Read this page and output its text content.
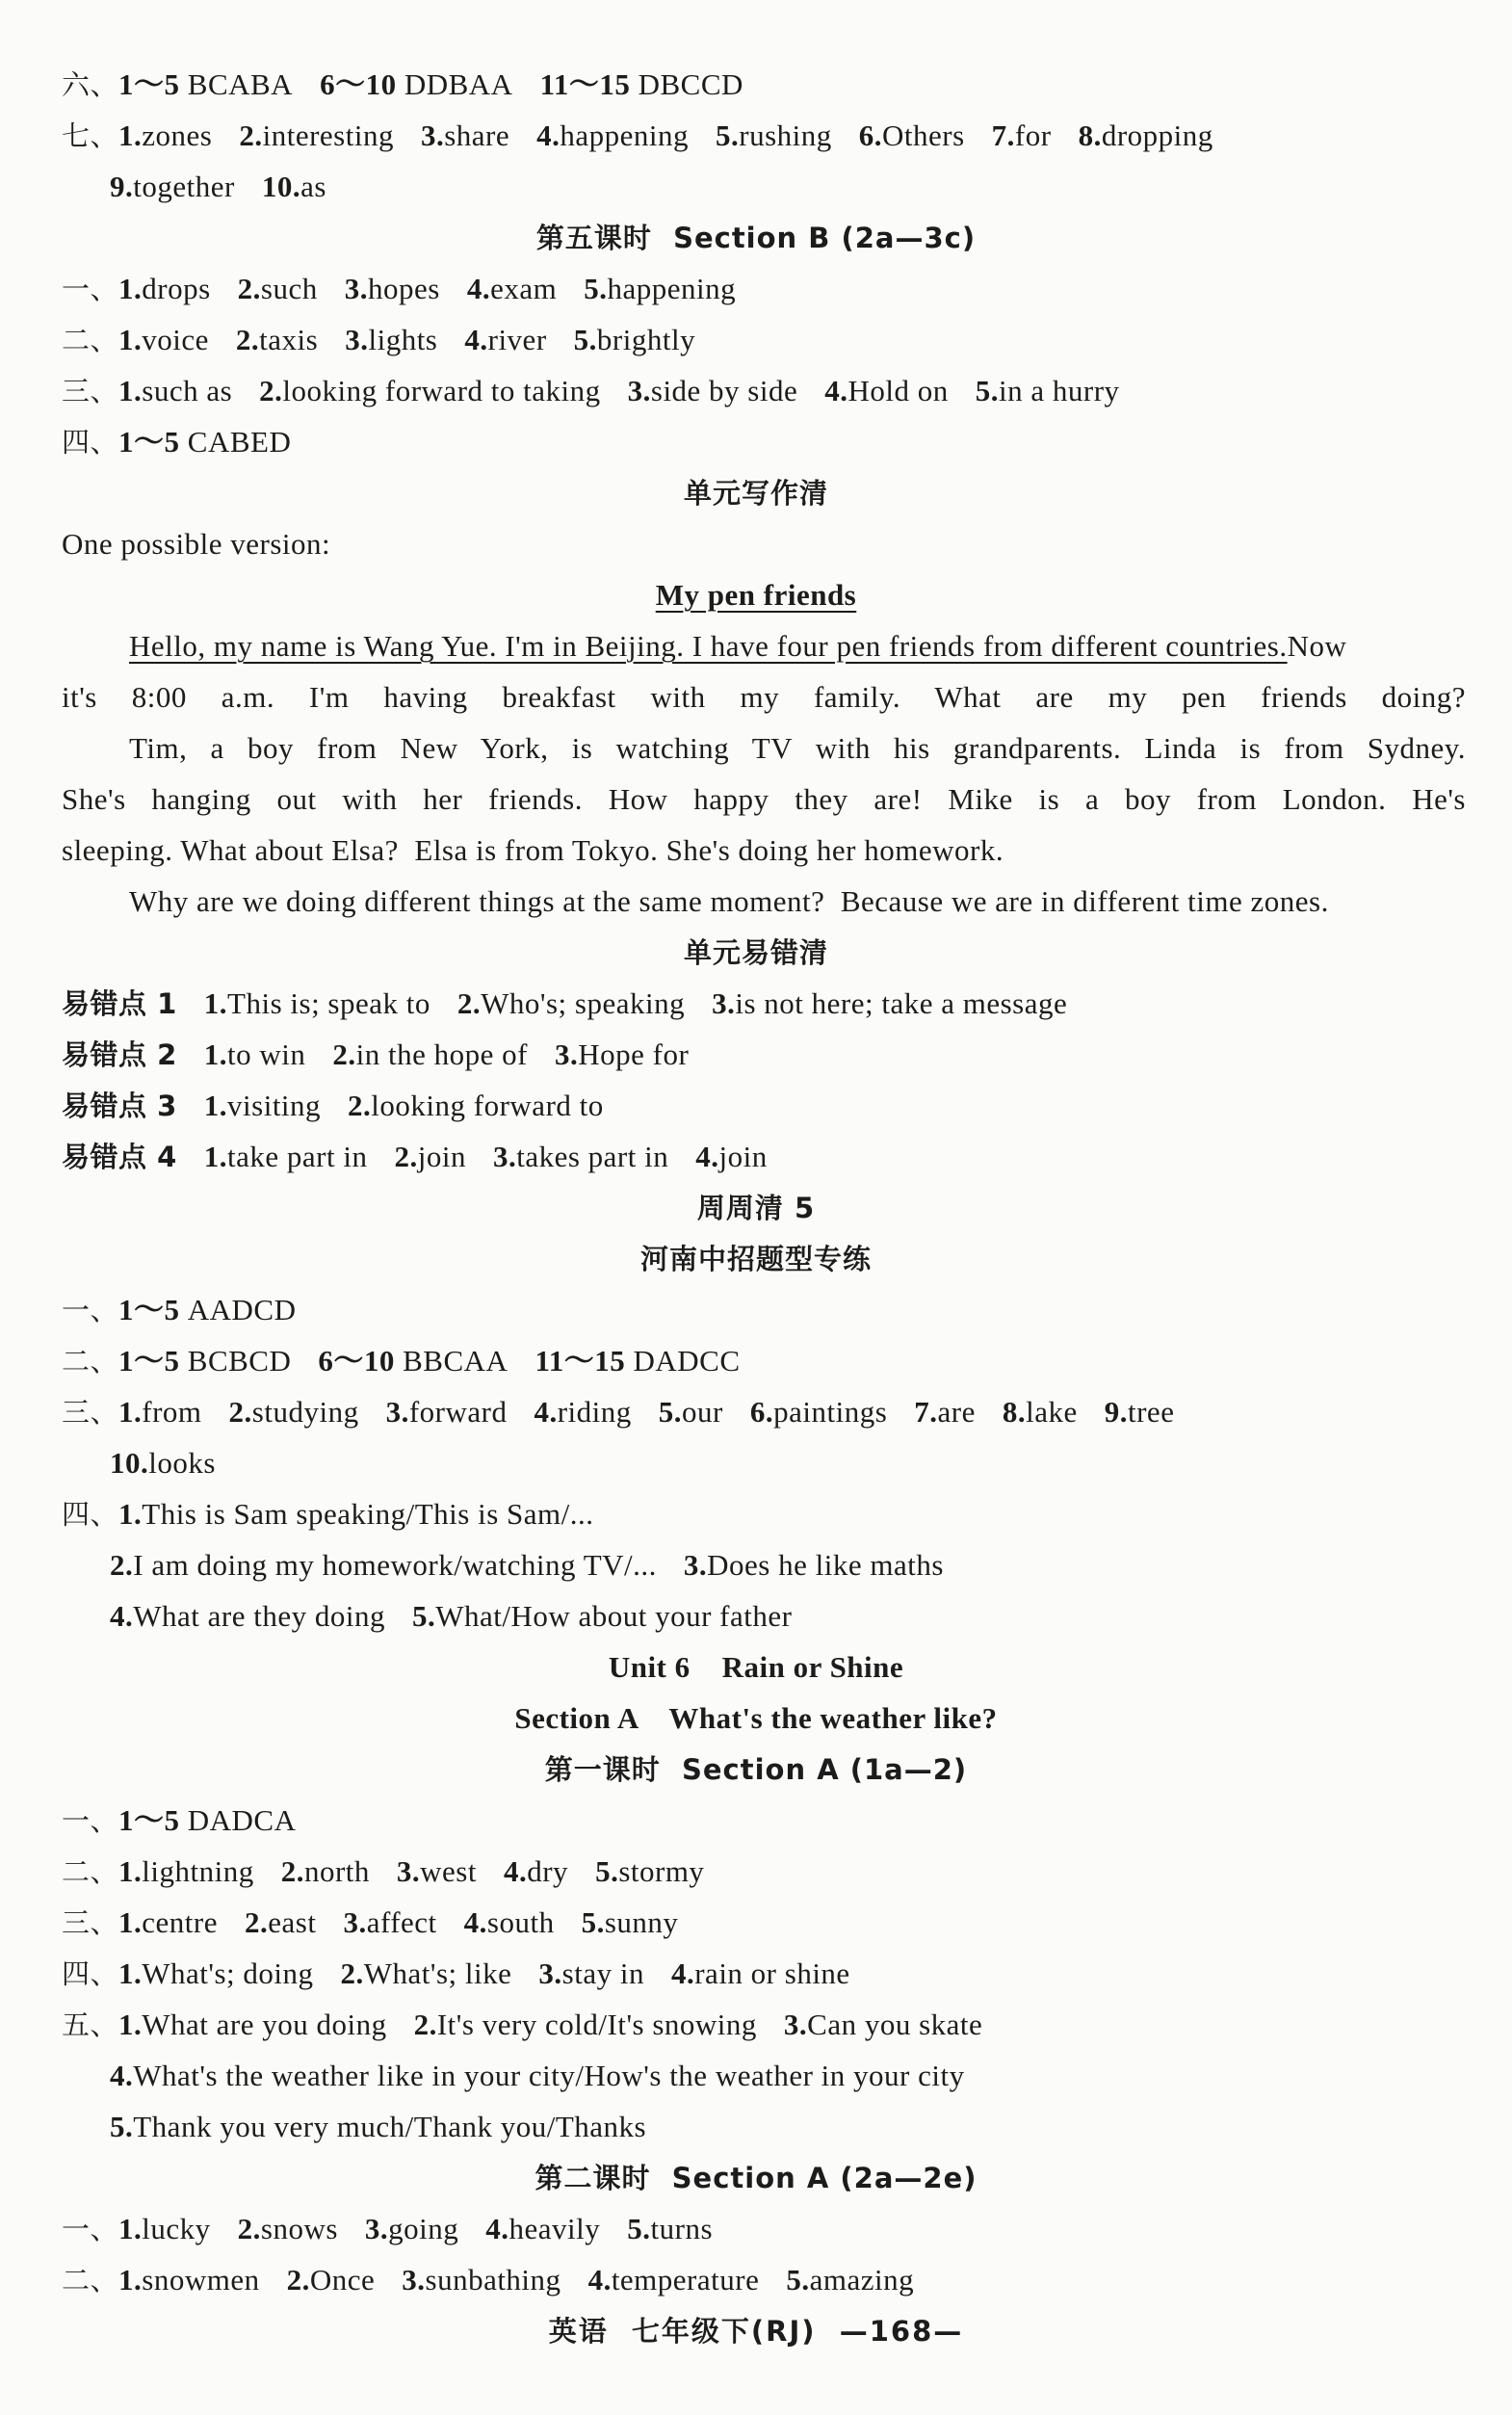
六、1～5 BCABA 6～10 DDBAA 11～15 DBCCD
七、1.zones 2.interesting 3.share 4.happening 5.rushing 6.Others 7.for 8.dropping
9.together 10.as
第五课时  Section B (2a—3c)
一、1.drops 2.such 3.hopes 4.exam 5.happening
二、1.voice 2.taxis 3.lights 4.river 5.brightly
三、1.such as 2.looking forward to taking 3.side by side 4.Hold on 5.in a hurry
四、1～5 CABED
单元写作清
One possible version:
My pen friends
Hello, my name is Wang Yue. I'm in Beijing. I have four pen friends from different countries.Now
it's 8:00 a.m. I'm having breakfast with my family. What are my pen friends doing?
Tim, a boy from New York, is watching TV with his grandparents. Linda is from Sydney.
She's hanging out with her friends. How happy they are! Mike is a boy from London. He's
sleeping. What about Elsa?  Elsa is from Tokyo. She's doing her homework.
Why are we doing different things at the same moment?  Because we are in different time zones.
单元易错清
易错点 1 1.This is; speak to 2.Who's; speaking 3.is not here; take a message
易错点 2 1.to win 2.in the hope of 3.Hope for
易错点 3 1.visiting 2.looking forward to
易错点 4 1.take part in 2.join 3.takes part in 4.join
周周清 5
河南中招题型专练
一、1～5 AADCD
二、1～5 BCBCD 6～10 BBCAA 11～15 DADCC
三、1.from 2.studying 3.forward 4.riding 5.our 6.paintings 7.are 8.lake 9.tree
10.looks
四、1.This is Sam speaking/This is Sam/...
2.I am doing my homework/watching TV/... 3.Does he like maths
4.What are they doing 5.What/How about your father
Unit 6    Rain or Shine
Section A    What's the weather like?
第一课时  Section A (1a—2)
一、1～5 DADCA
二、1.lightning 2.north 3.west 4.dry 5.stormy
三、1.centre 2.east 3.affect 4.south 5.sunny
四、1.What's; doing 2.What's; like 3.stay in 4.rain or shine
五、1.What are you doing 2.It's very cold/It's snowing 3.Can you skate
4.What's the weather like in your city/How's the weather in your city
5.Thank you very much/Thank you/Thanks
第二课时  Section A (2a—2e)
一、1.lucky 2.snows 3.going 4.heavily 5.turns
二、1.snowmen 2.Once 3.sunbathing 4.temperature 5.amazing
英语  七年级下(RJ)  —168—
